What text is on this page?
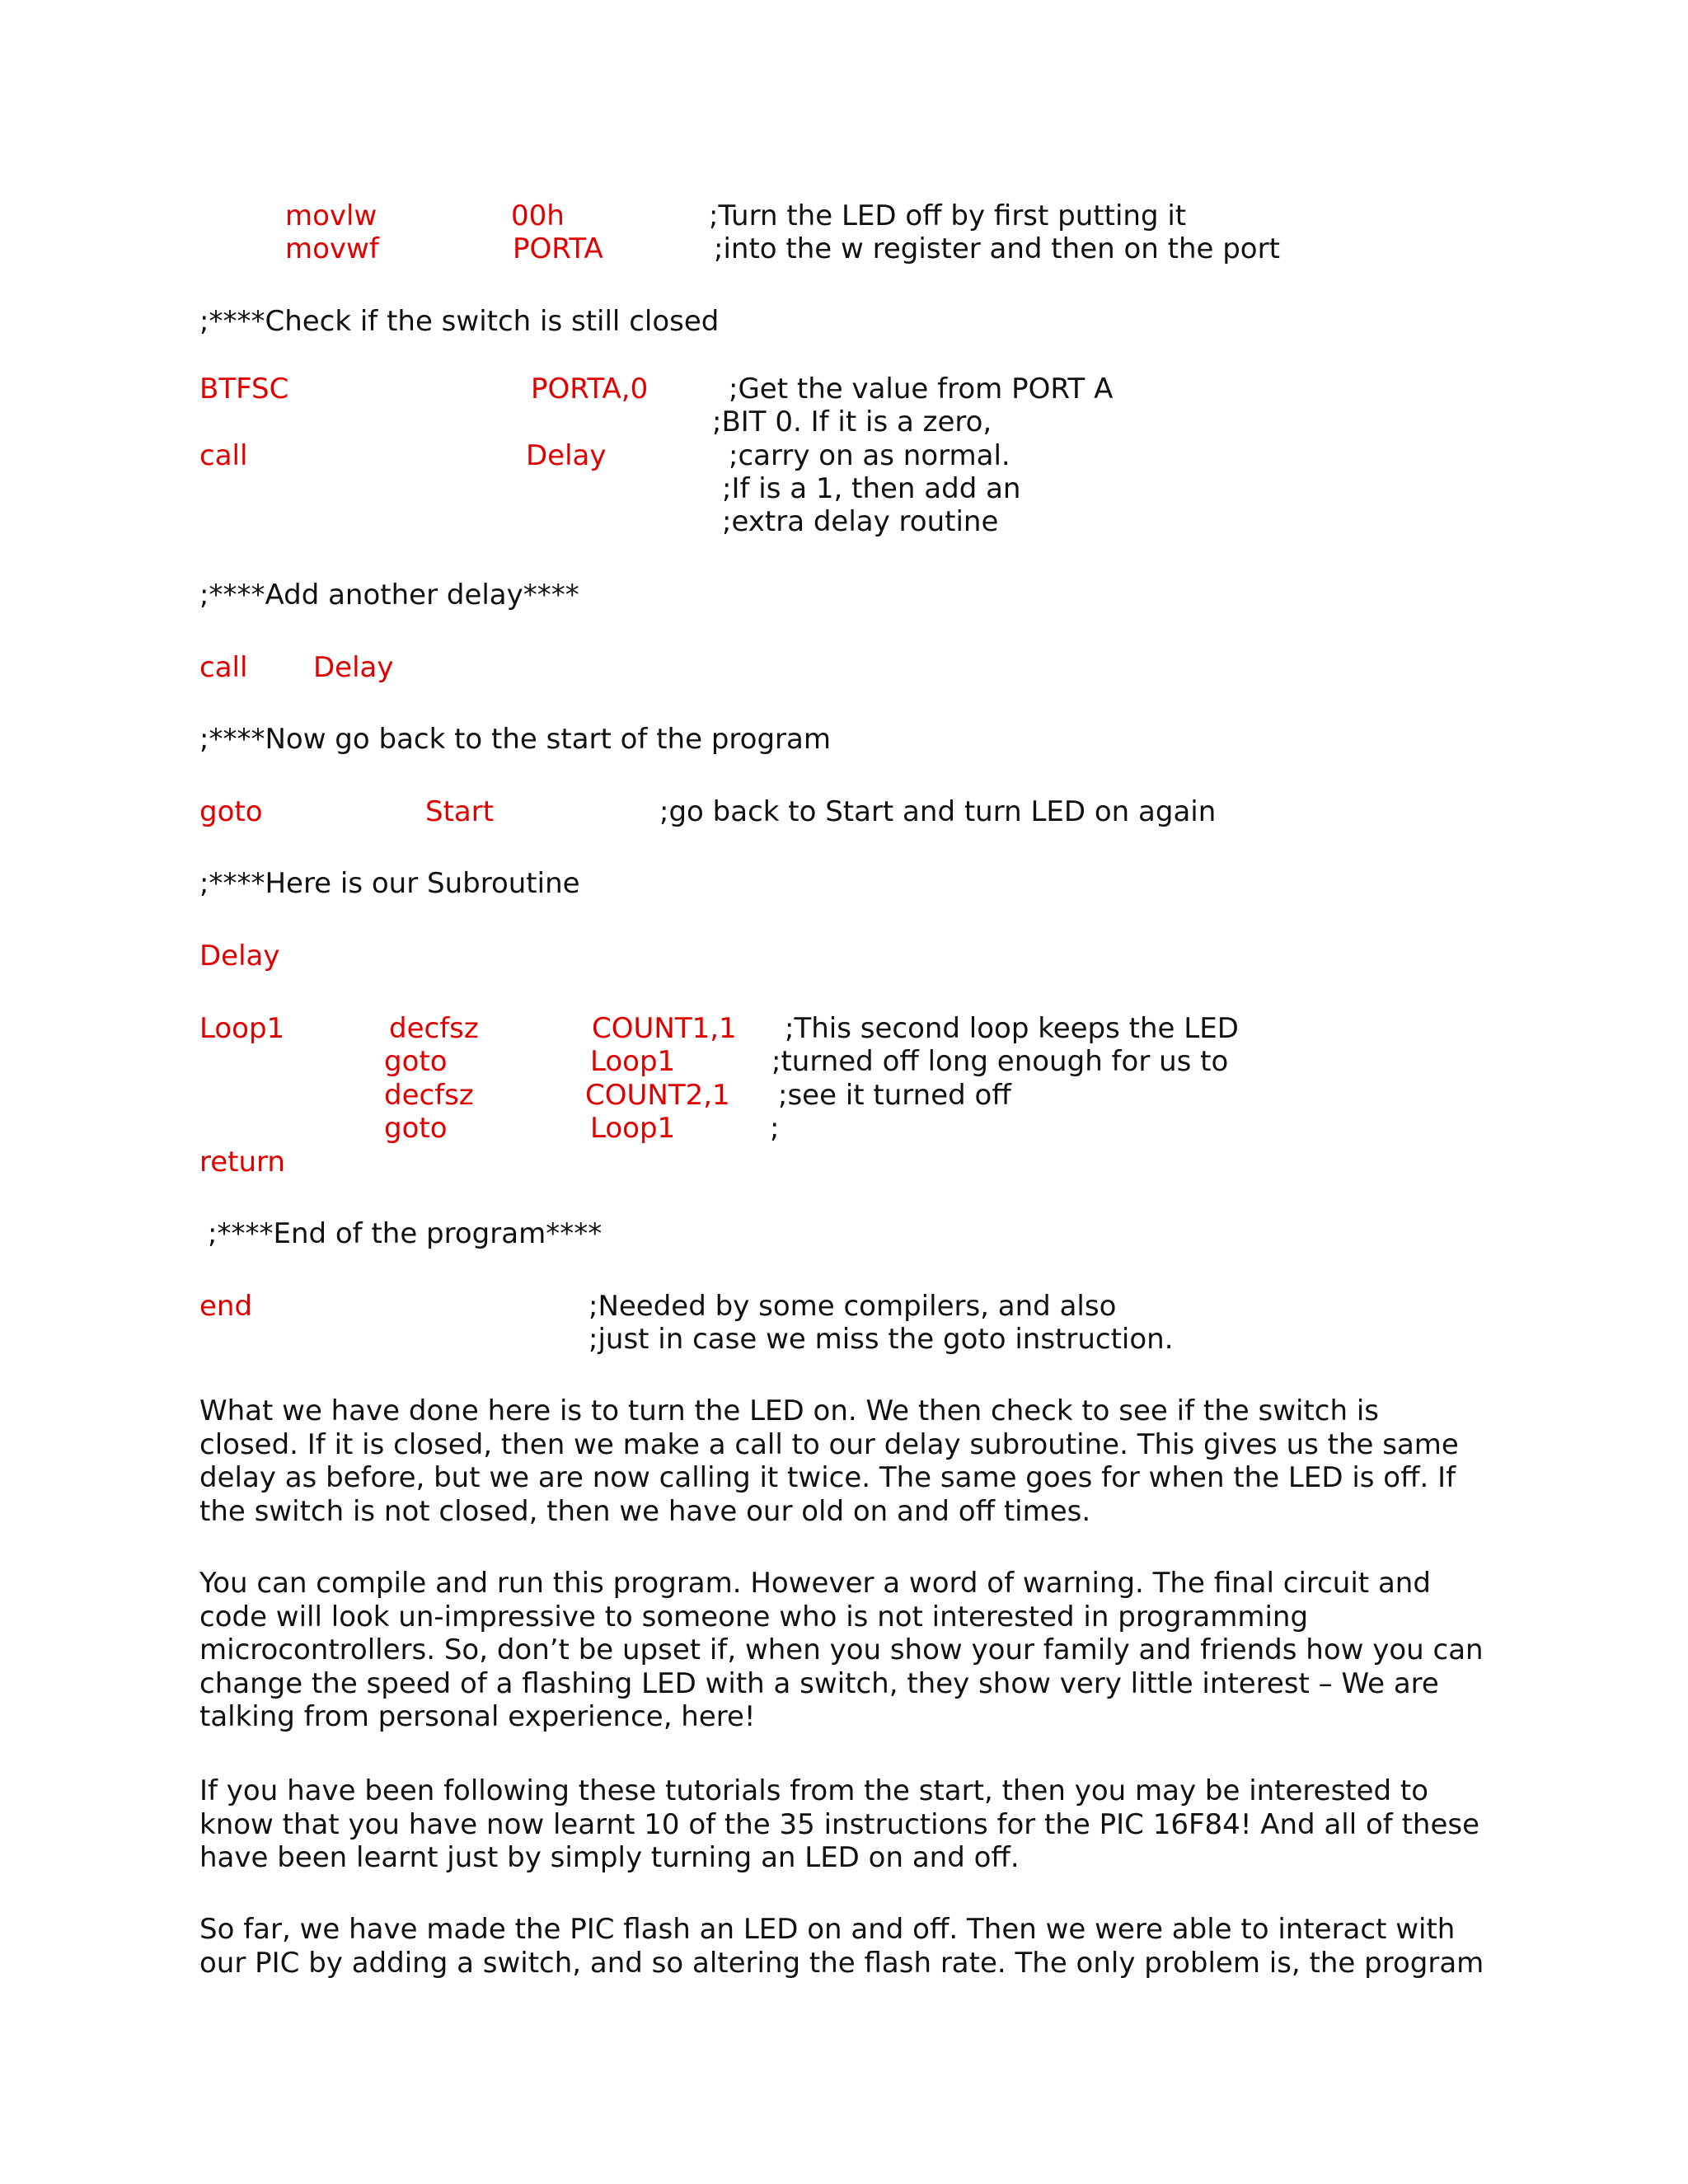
movlw	00h	;Turn the LED off by first putting it
movwf	PORTA	;into the w register and then on the port
;****Check if the switch is still closed
BTFSC	PORTA,0	;Get the value from PORT A
;BIT 0. If it is a zero,
call	Delay	;carry on as normal.
;If is a 1, then add an
;extra delay routine
;****Add another delay****
call Delay
;****Now go back to the start of the program
goto	Start	;go back to Start and turn LED on again
;****Here is our Subroutine
Delay
Loop1	decfsz	COUNT1,1 ;This second loop keeps the LED
goto	Loop1	;turned off long enough for us to
decfsz	COUNT2,1 ;see it turned off
goto	Loop1	;
return
;****End of the program****
end	;Needed by some compilers, and also
;just in case we miss the goto instruction.
What we have done here is to turn the LED on. We then check to see if the switch is
closed. If it is closed, then we make a call to our delay subroutine. This gives us the same
delay as before, but we are now calling it twice. The same goes for when the LED is off. If
the switch is not closed, then we have our old on and off times.
You can compile and run this program. However a word of warning. The final circuit and
code will look un-impressive to someone who is not interested in programming
microcontrollers. So, don’t be upset if, when you show your family and friends how you can
change the speed of a flashing LED with a switch, they show very little interest – We are
talking from personal experience, here!
If you have been following these tutorials from the start, then you may be interested to
know that you have now learnt 10 of the 35 instructions for the PIC 16F84! And all of these
have been learnt just by simply turning an LED on and off.
So far, we have made the PIC flash an LED on and off. Then we were able to interact with
our PIC by adding a switch, and so altering the flash rate. The only problem is, the program
